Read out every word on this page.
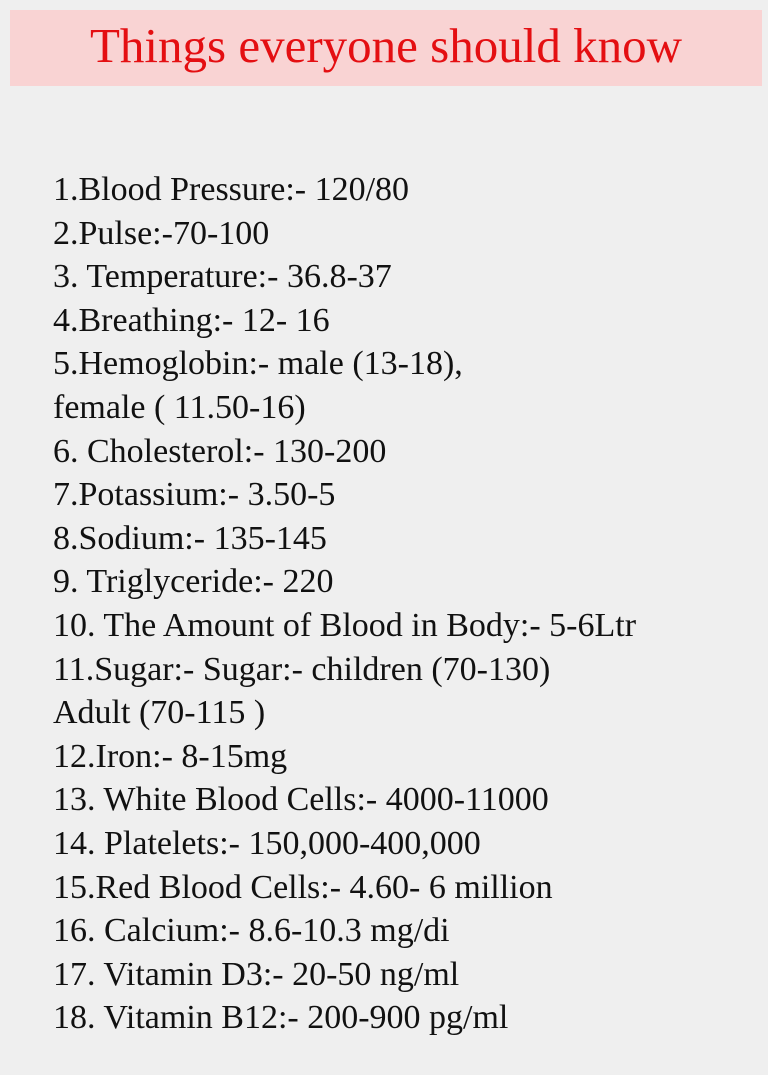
Things everyone should know
1.Blood Pressure:- 120/80
2.Pulse:-70-100
3. Temperature:- 36.8-37
4.Breathing:- 12- 16
5.Hemoglobin:- male (13-18),
female ( 11.50-16)
6. Cholesterol:- 130-200
7.Potassium:- 3.50-5
8.Sodium:- 135-145
9. Triglyceride:- 220
10. The Amount of Blood in Body:- 5-6Ltr
11.Sugar:- Sugar:- children (70-130)
Adult (70-115 )
12.Iron:- 8-15mg
13. White Blood Cells:- 4000-11000
14. Platelets:- 150,000-400,000
15.Red Blood Cells:- 4.60- 6 million
16. Calcium:- 8.6-10.3 mg/di
17. Vitamin D3:- 20-50 ng/ml
18. Vitamin B12:- 200-900 pg/ml
